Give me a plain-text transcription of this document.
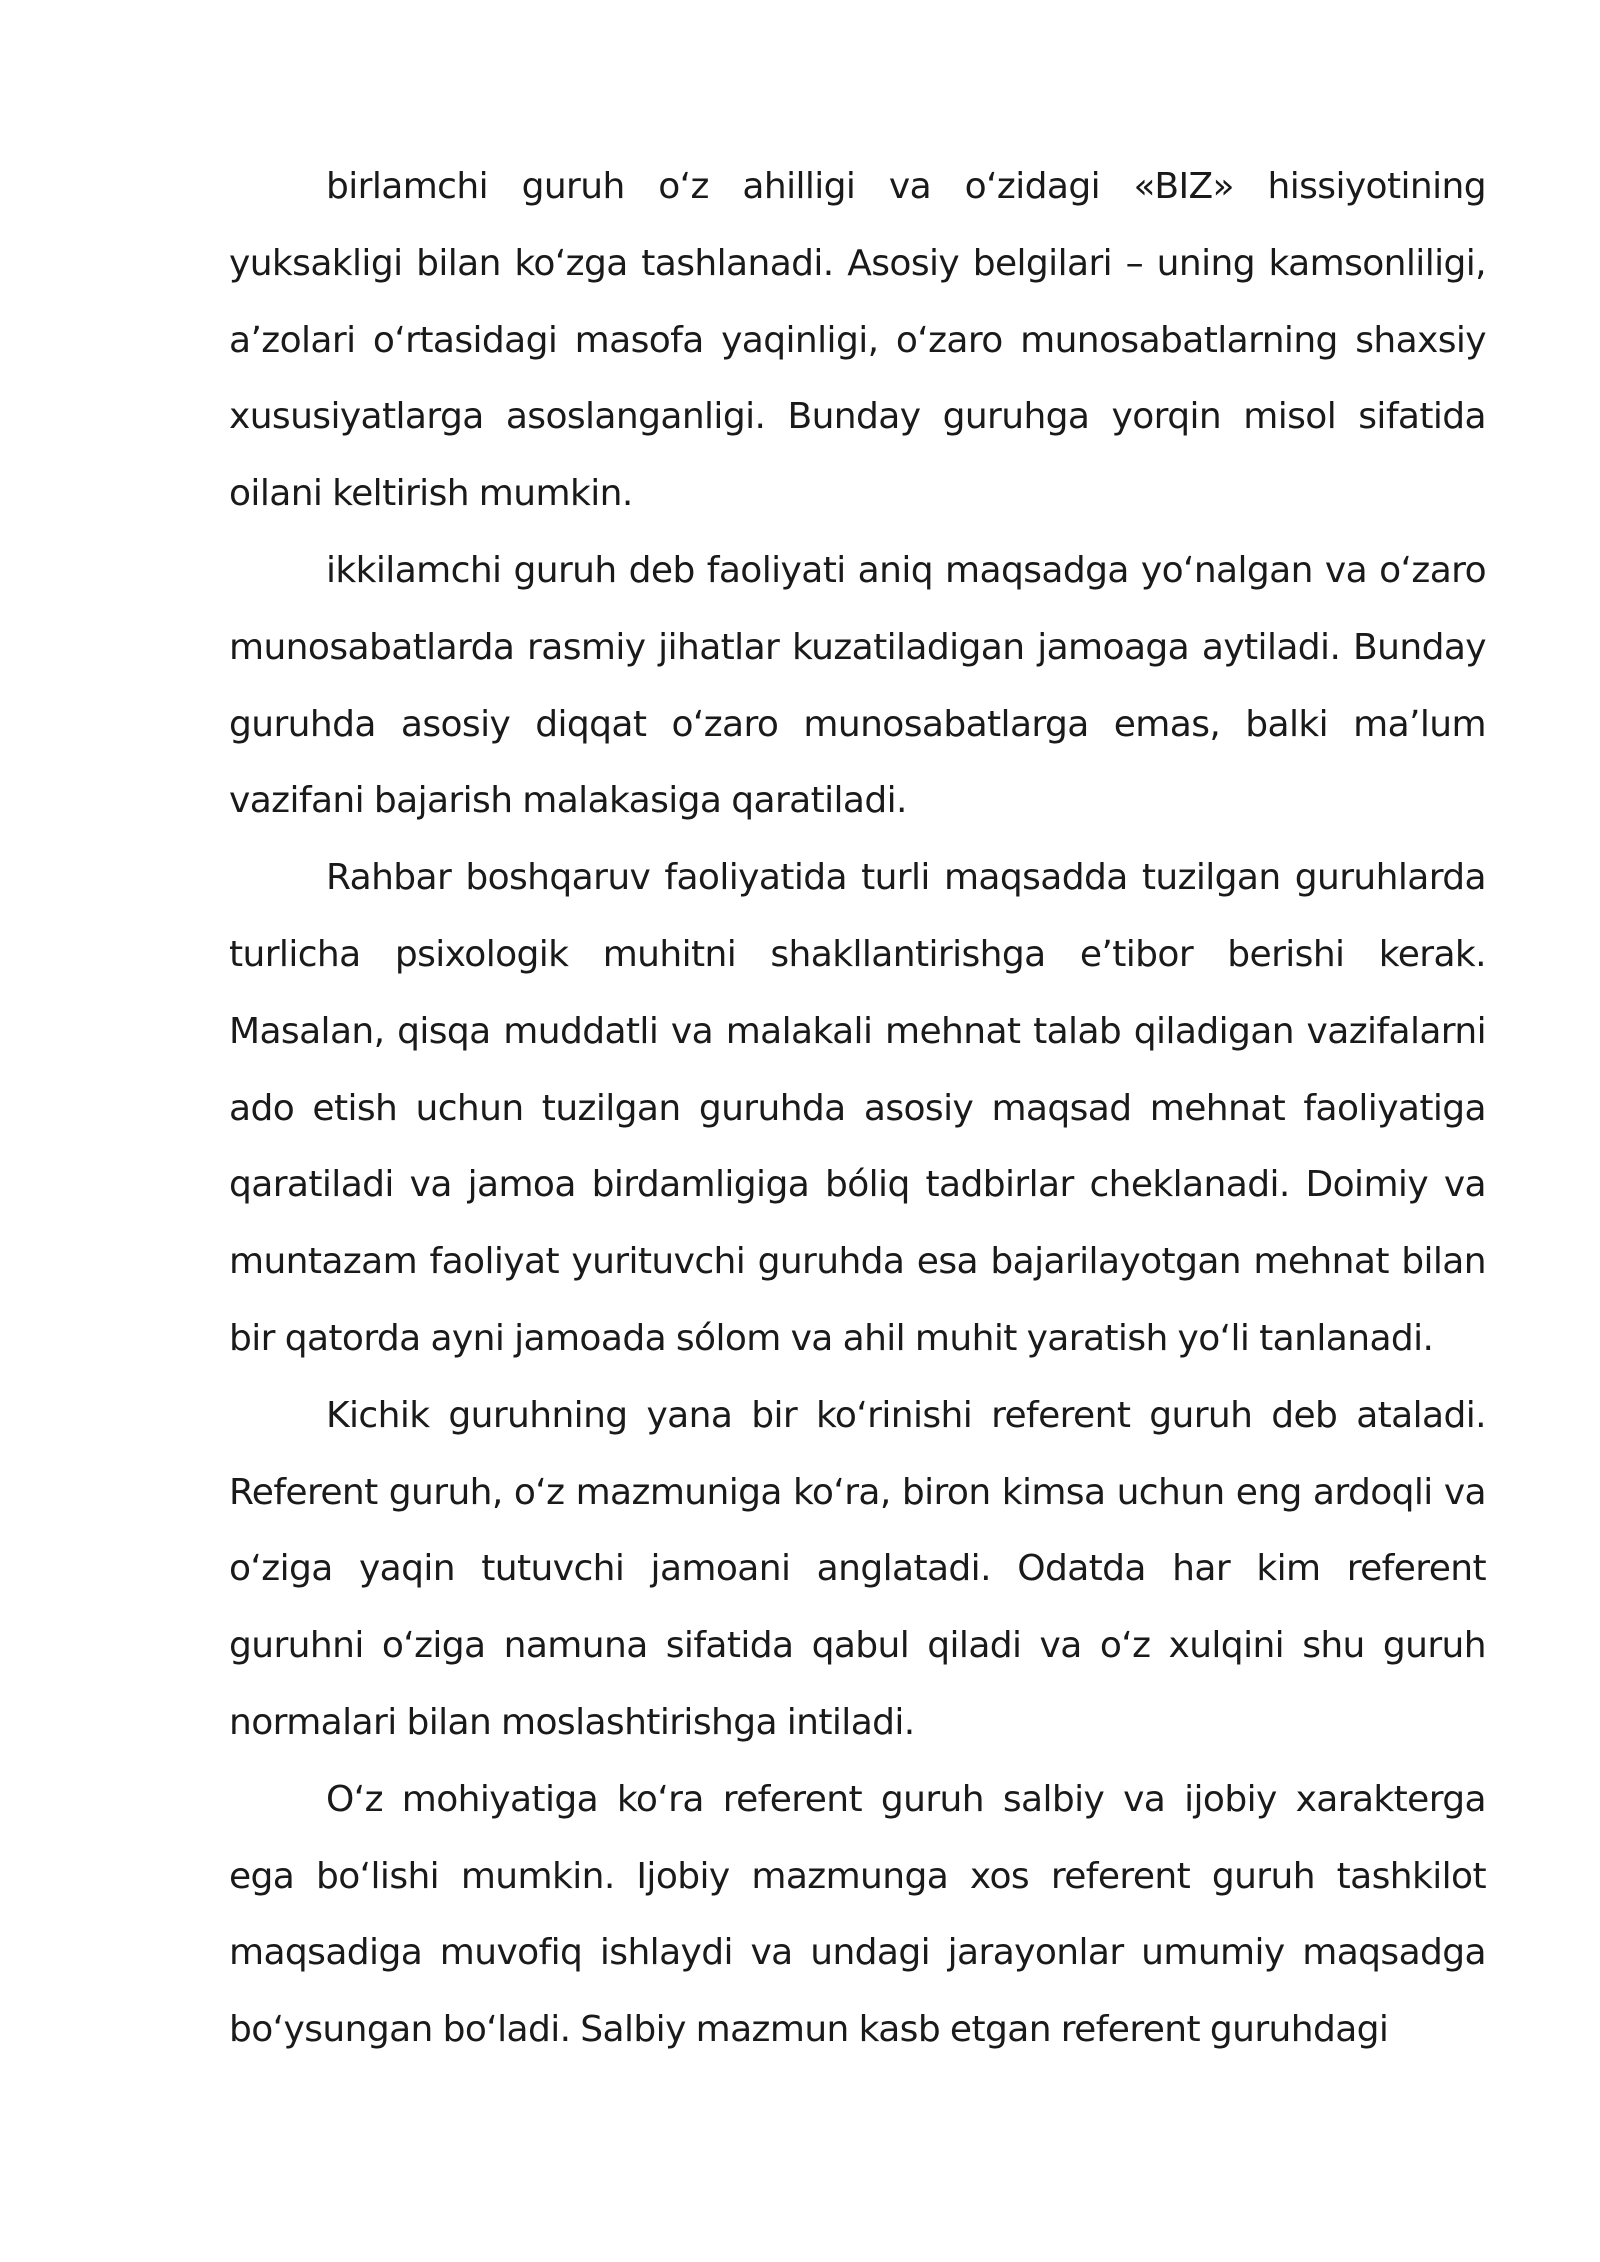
birlamchi guruh oʻz ahilligi va oʻzidagi «BIZ» hissiyotining yuksakligi bilan koʻzga tashlanadi. Asosiy belgilari – uning kamsonliligi, aʼzolari oʻrtasidagi masofa yaqinligi, oʻzaro munosabatlarning shaxsiy xususiyatlarga asoslanganligi. Bunday guruhga yorqin misol sifatida oilani keltirish mumkin.

ikkilamchi guruh deb faoliyati aniq maqsadga yoʻnalgan va oʻzaro munosabatlarda rasmiy jihatlar kuzatiladigan jamoaga aytiladi. Bunday guruhda asosiy diqqat oʻzaro munosabatlarga emas, balki maʼlum vazifani bajarish malakasiga qaratiladi.

Rahbar boshqaruv faoliyatida turli maqsadda tuzilgan guruhlarda turlicha psixologik muhitni shakllantirishga eʼtibor berishi kerak. Masalan, qisqa muddatli va malakali mehnat talab qiladigan vazifalarni ado etish uchun tuzilgan guruhda asosiy maqsad mehnat faoliyatiga qaratiladi va jamoa birdamligiga bóliq tadbirlar cheklanadi. Doimiy va muntazam faoliyat yurituvchi guruhda esa bajarilayotgan mehnat bilan bir qatorda ayni jamoada sólom va ahil muhit yaratish yoʻli tanlanadi.

Kichik guruhning yana bir koʻrinishi referent guruh deb ataladi. Referent guruh, oʻz mazmuniga koʻra, biron kimsa uchun eng ardoqli va oʻziga yaqin tutuvchi jamoani anglatadi. Odatda har kim referent guruhni oʻziga namuna sifatida qabul qiladi va oʻz xulqini shu guruh normalari bilan moslashtirishga intiladi.

Oʻz mohiyatiga koʻra referent guruh salbiy va ijobiy xarakterga ega boʻlishi mumkin. Ijobiy mazmunga xos referent guruh tashkilot maqsadiga muvofiq ishlaydi va undagi jarayonlar umumiy maqsadga boʻysungan boʻladi. Salbiy mazmun kasb etgan referent guruhdagi
